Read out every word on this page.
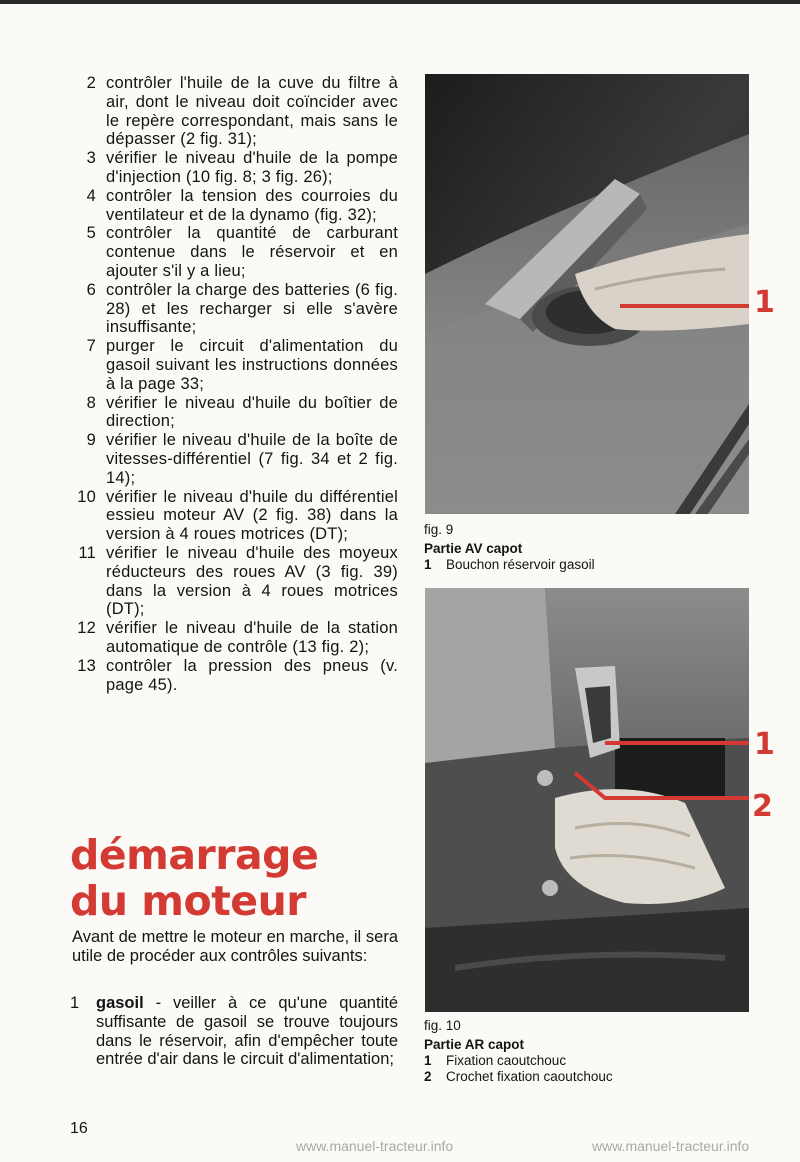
2 contrôler l'huile de la cuve du filtre à air, dont le niveau doit coïncider avec le repère correspondant, mais sans le dépasser (2 fig. 31);
3 vérifier le niveau d'huile de la pompe d'injection (10 fig. 8; 3 fig. 26);
4 contrôler la tension des courroies du ventilateur et de la dynamo (fig. 32);
5 contrôler la quantité de carburant contenue dans le réservoir et en ajouter s'il y a lieu;
6 contrôler la charge des batteries (6 fig. 28) et les recharger si elle s'avère insuffisante;
7 purger le circuit d'alimentation du gasoil suivant les instructions données à la page 33;
8 vérifier le niveau d'huile du boîtier de direction;
9 vérifier le niveau d'huile de la boîte de vitesses-différentiel (7 fig. 34 et 2 fig. 14);
10 vérifier le niveau d'huile du différentiel essieu moteur AV (2 fig. 38) dans la version à 4 roues motrices (DT);
11 vérifier le niveau d'huile des moyeux réducteurs des roues AV (3 fig. 39) dans la version à 4 roues motrices (DT);
12 vérifier le niveau d'huile de la station automatique de contrôle (13 fig. 2);
13 contrôler la pression des pneus (v. page 45).
démarrage
du moteur

Avant de mettre le moteur en marche, il sera utile de procéder aux contrôles suivants:

1	gasoil - veiller à ce qu'une quantité suffisante de gasoil se trouve toujours dans le réservoir, afin d'empêcher toute entrée d'air dans le circuit d'alimentation;
16
1
fig. 9
Partie AV capot
1 Bouchon réservoir gasoil
1
2
fig. 10
Partie AR capot
1 Fixation caoutchouc
2 Crochet fixation caoutchouc
www.manuel-tracteur.info	www.manuel-tracteur.info
